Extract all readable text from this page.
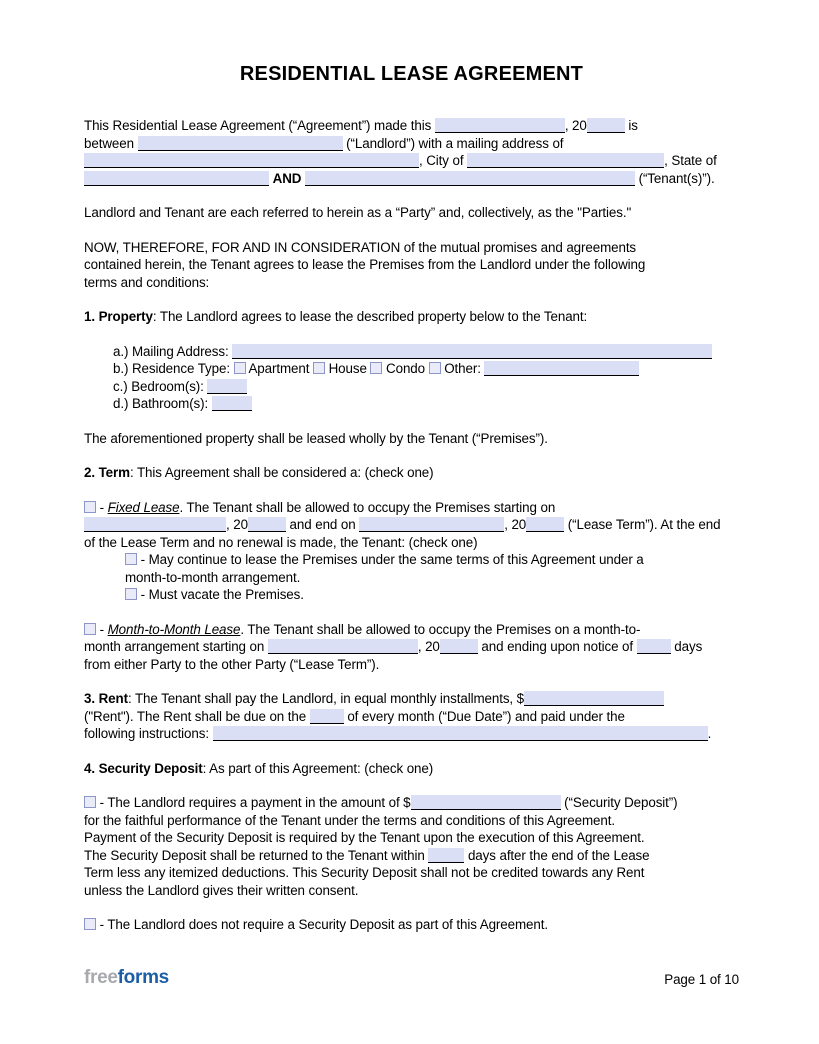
RESIDENTIAL LEASE AGREEMENT

This Residential Lease Agreement (“Agreement”) made this	, 20	is
between	(“Landlord”) with a mailing address of
, City of	, State of
AND	(“Tenant(s)”).

Landlord and Tenant are each referred to herein as a “Party” and, collectively, as the "Parties."

NOW, THEREFORE, FOR AND IN CONSIDERATION of the mutual promises and agreements
contained herein, the Tenant agrees to lease the Premises from the Landlord under the following
terms and conditions:

1. Property: The Landlord agrees to lease the described property below to the Tenant:

a.) Mailing Address:
b.) Residence Type:  Apartment  House  Condo  Other:
c.) Bedroom(s):
d.) Bathroom(s):

The aforementioned property shall be leased wholly by the Tenant (“Premises”).

2. Term: This Agreement shall be considered a: (check one)

- Fixed Lease. The Tenant shall be allowed to occupy the Premises starting on
, 20	and end on	, 20	(“Lease Term”). At the end
of the Lease Term and no renewal is made, the Tenant: (check one)

- May continue to lease the Premises under the same terms of this Agreement under a
month-to-month arrangement.
- Must vacate the Premises.

- Month-to-Month Lease. The Tenant shall be allowed to occupy the Premises on a month-to-
month arrangement starting on	, 20	and ending upon notice of	days
from either Party to the other Party (“Lease Term”).

3. Rent: The Tenant shall pay the Landlord, in equal monthly installments, $
("Rent"). The Rent shall be due on the	of every month (“Due Date”) and paid under the
following instructions:	.

4. Security Deposit: As part of this Agreement: (check one)

- The Landlord requires a payment in the amount of $	(“Security Deposit”)
for the faithful performance of the Tenant under the terms and conditions of this Agreement.
Payment of the Security Deposit is required by the Tenant upon the execution of this Agreement.
The Security Deposit shall be returned to the Tenant within	days after the end of the Lease
Term less any itemized deductions. This Security Deposit shall not be credited towards any Rent
unless the Landlord gives their written consent.

- The Landlord does not require a Security Deposit as part of this Agreement.

freeforms	Page 1 of 10
